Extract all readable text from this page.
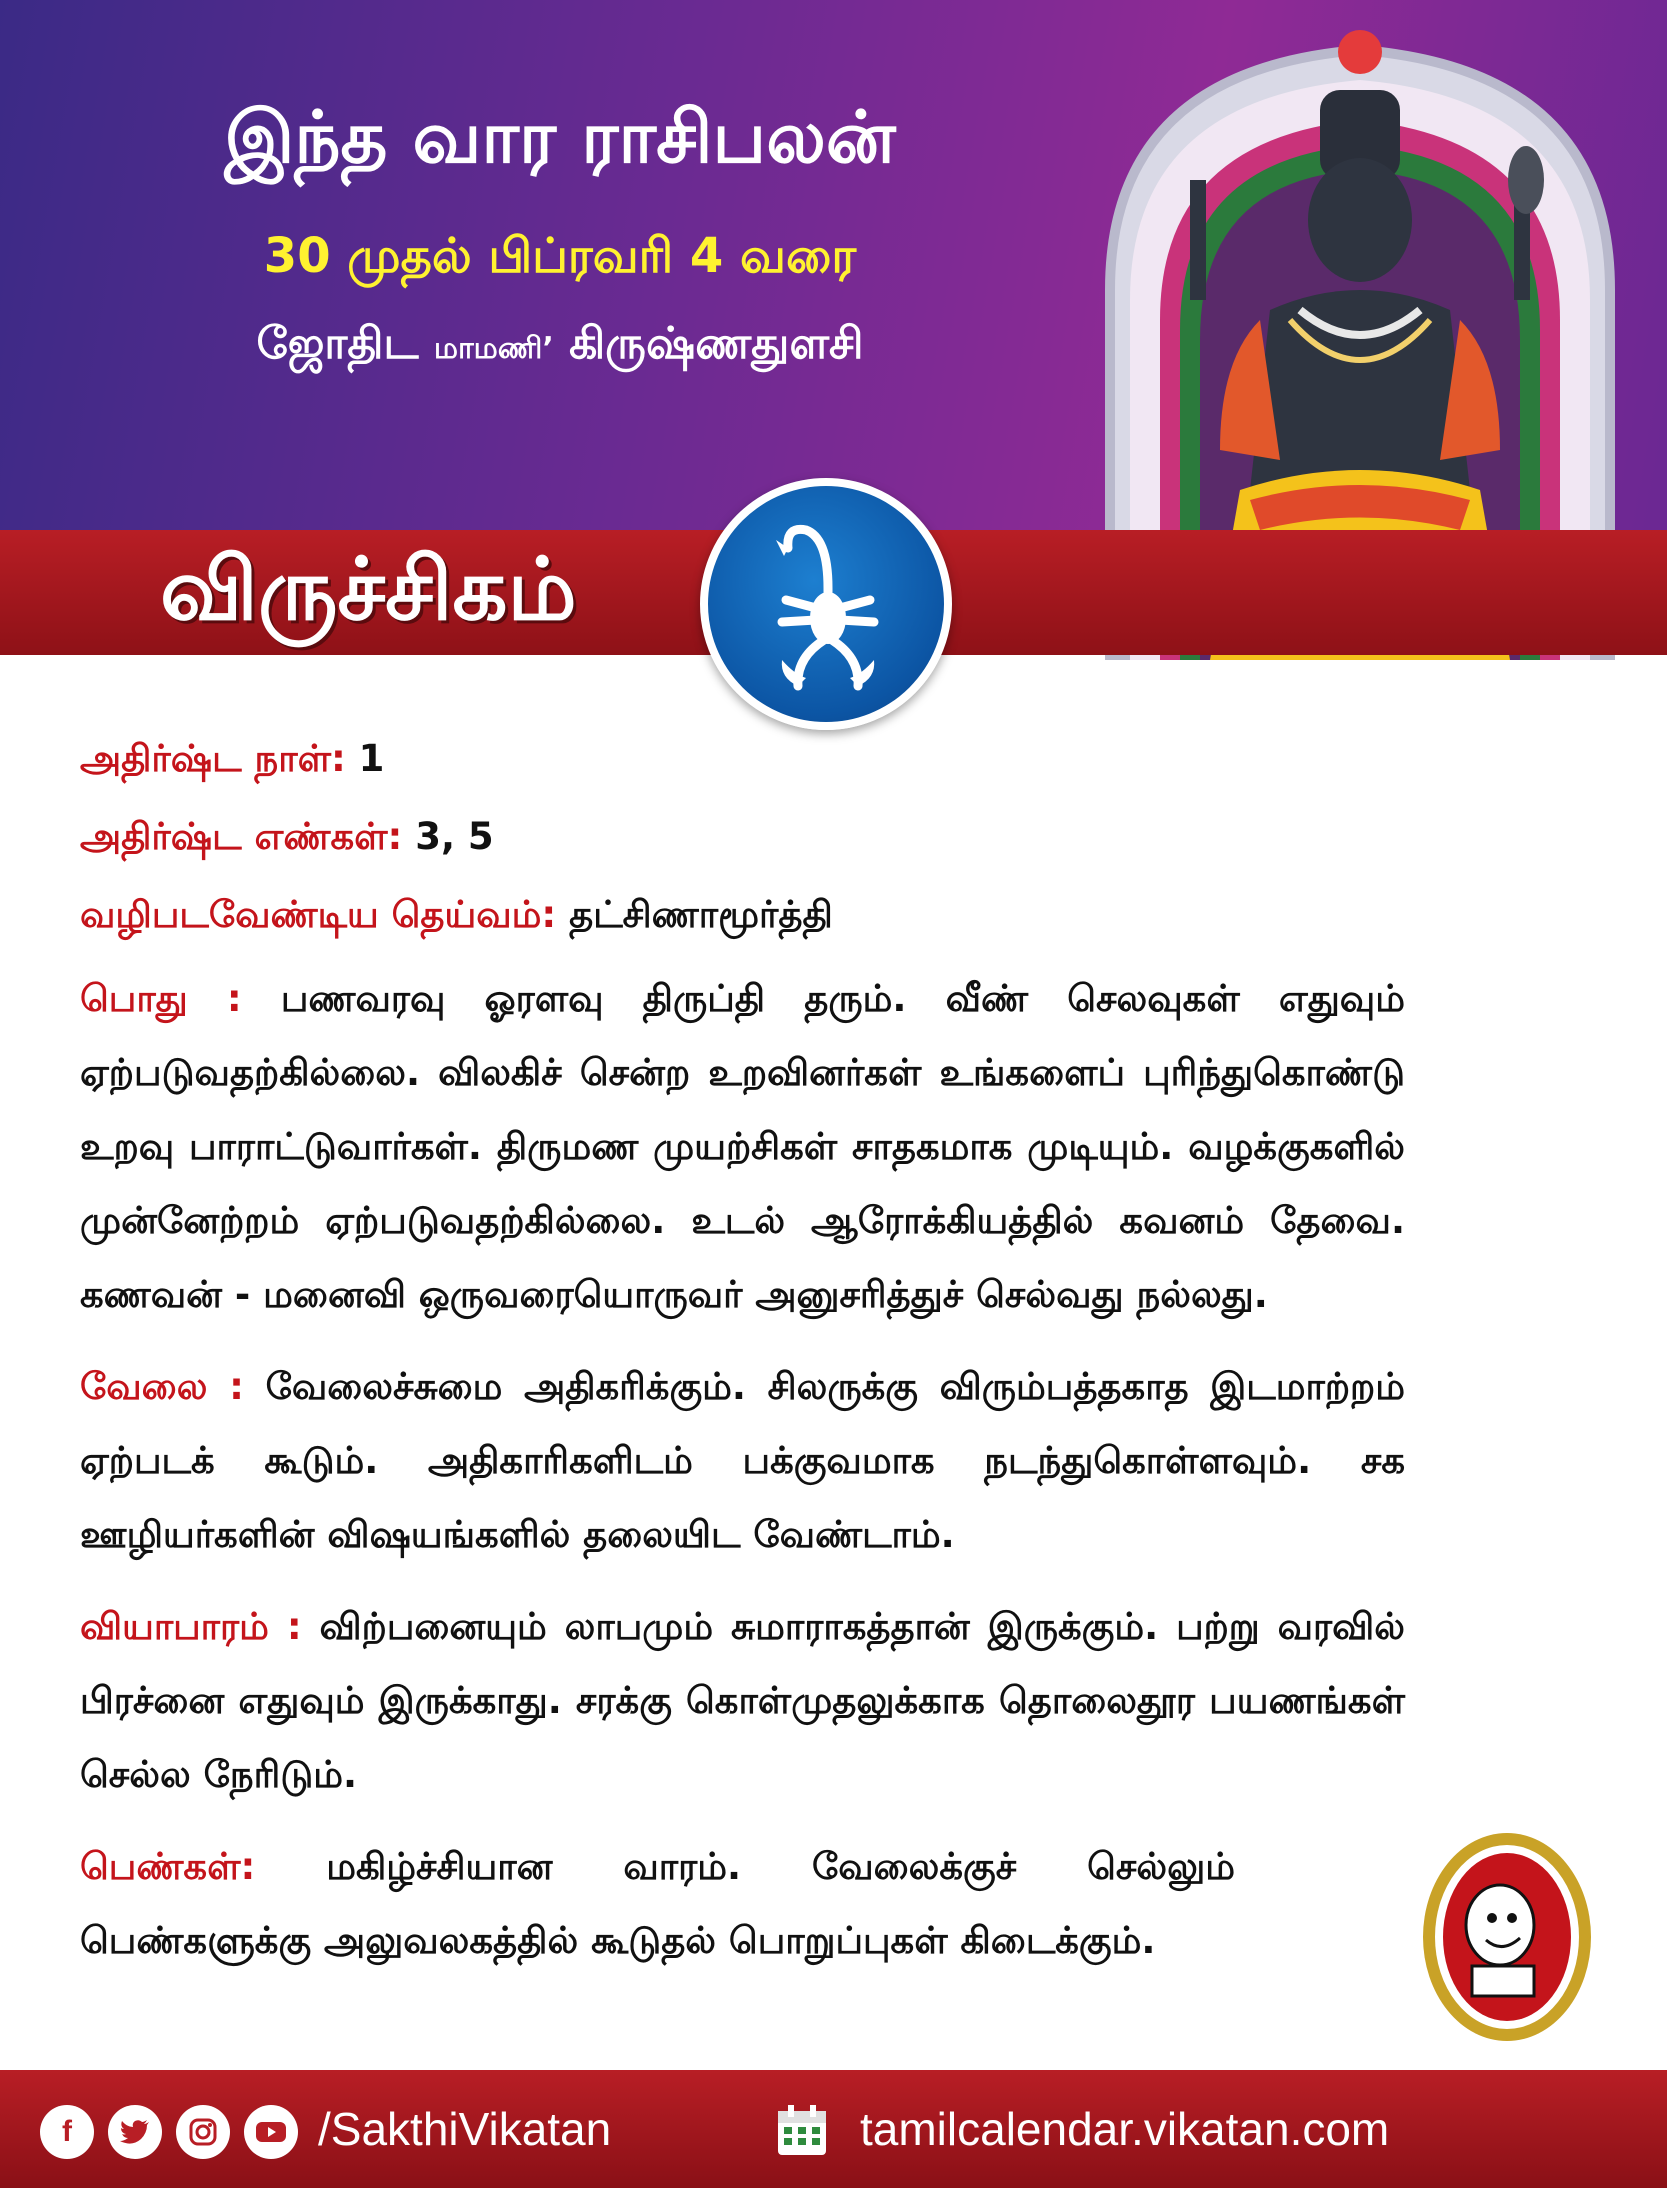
இந்த வார ராசிபலன்
30 முதல் பிப்ரவரி 4 வரை
ஜோதிட மாமணி’ கிருஷ்ணதுளசி
விருச்சிகம்
அதிர்ஷ்ட நாள்: 1
அதிர்ஷ்ட எண்கள்: 3, 5
வழிபடவேண்டிய தெய்வம்: தட்சிணாமூர்த்தி
பொது : பணவரவு ஓரளவு திருப்தி தரும். வீண் செலவுகள் எதுவும் ஏற்படுவதற்கில்லை. விலகிச் சென்ற உறவினர்கள் உங்களைப் புரிந்துகொண்டு உறவு பாராட்டுவார்கள். திருமண முயற்சிகள் சாதகமாக முடியும். வழக்குகளில் முன்னேற்றம் ஏற்படுவதற்கில்லை. உடல் ஆரோக்கியத்தில் கவனம் தேவை. கணவன் - மனைவி ஒருவரையொருவர் அனுசரித்துச் செல்வது நல்லது.
வேலை : வேலைச்சுமை அதிகரிக்கும். சிலருக்கு விரும்பத்தகாத இடமாற்றம் ஏற்படக் கூடும். அதிகாரிகளிடம் பக்குவமாக நடந்துகொள்ளவும். சக ஊழியர்களின் விஷயங்களில் தலையிட வேண்டாம்.
வியாபாரம் : விற்பனையும் லாபமும் சுமாராகத்தான் இருக்கும். பற்று வரவில் பிரச்னை எதுவும் இருக்காது. சரக்கு கொள்முதலுக்காக தொலைதூர பயணங்கள் செல்ல நேரிடும்.
பெண்கள்: மகிழ்ச்சியான வாரம். வேலைக்குச் செல்லும் பெண்களுக்கு அலுவலகத்தில் கூடுதல் பொறுப்புகள் கிடைக்கும்.
f	/SakthiVikatan	tamilcalendar.vikatan.com
